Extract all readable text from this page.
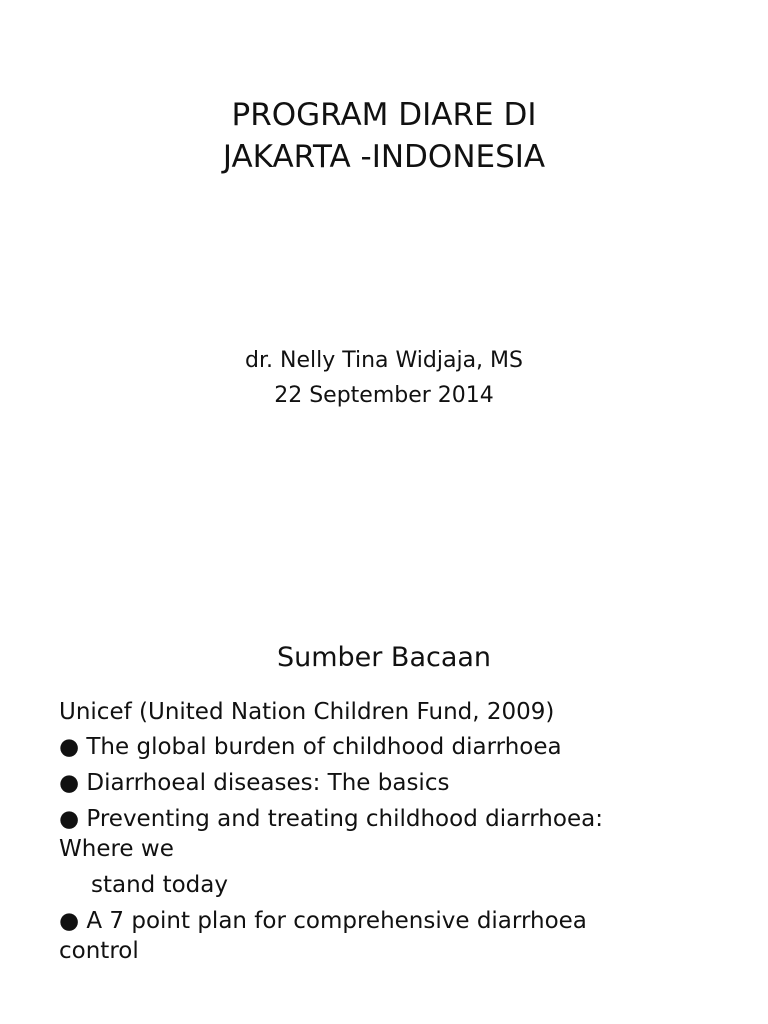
PROGRAM DIARE DI
JAKARTA -INDONESIA
dr. Nelly Tina Widjaja, MS
22 September 2014
Sumber Bacaan
Unicef (United Nation Children Fund, 2009)
● The global burden of childhood diarrhoea
● Diarrhoeal diseases: The basics
● Preventing and treating childhood diarrhoea:
Where we
stand today
● A 7 point plan for comprehensive diarrhoea
control
